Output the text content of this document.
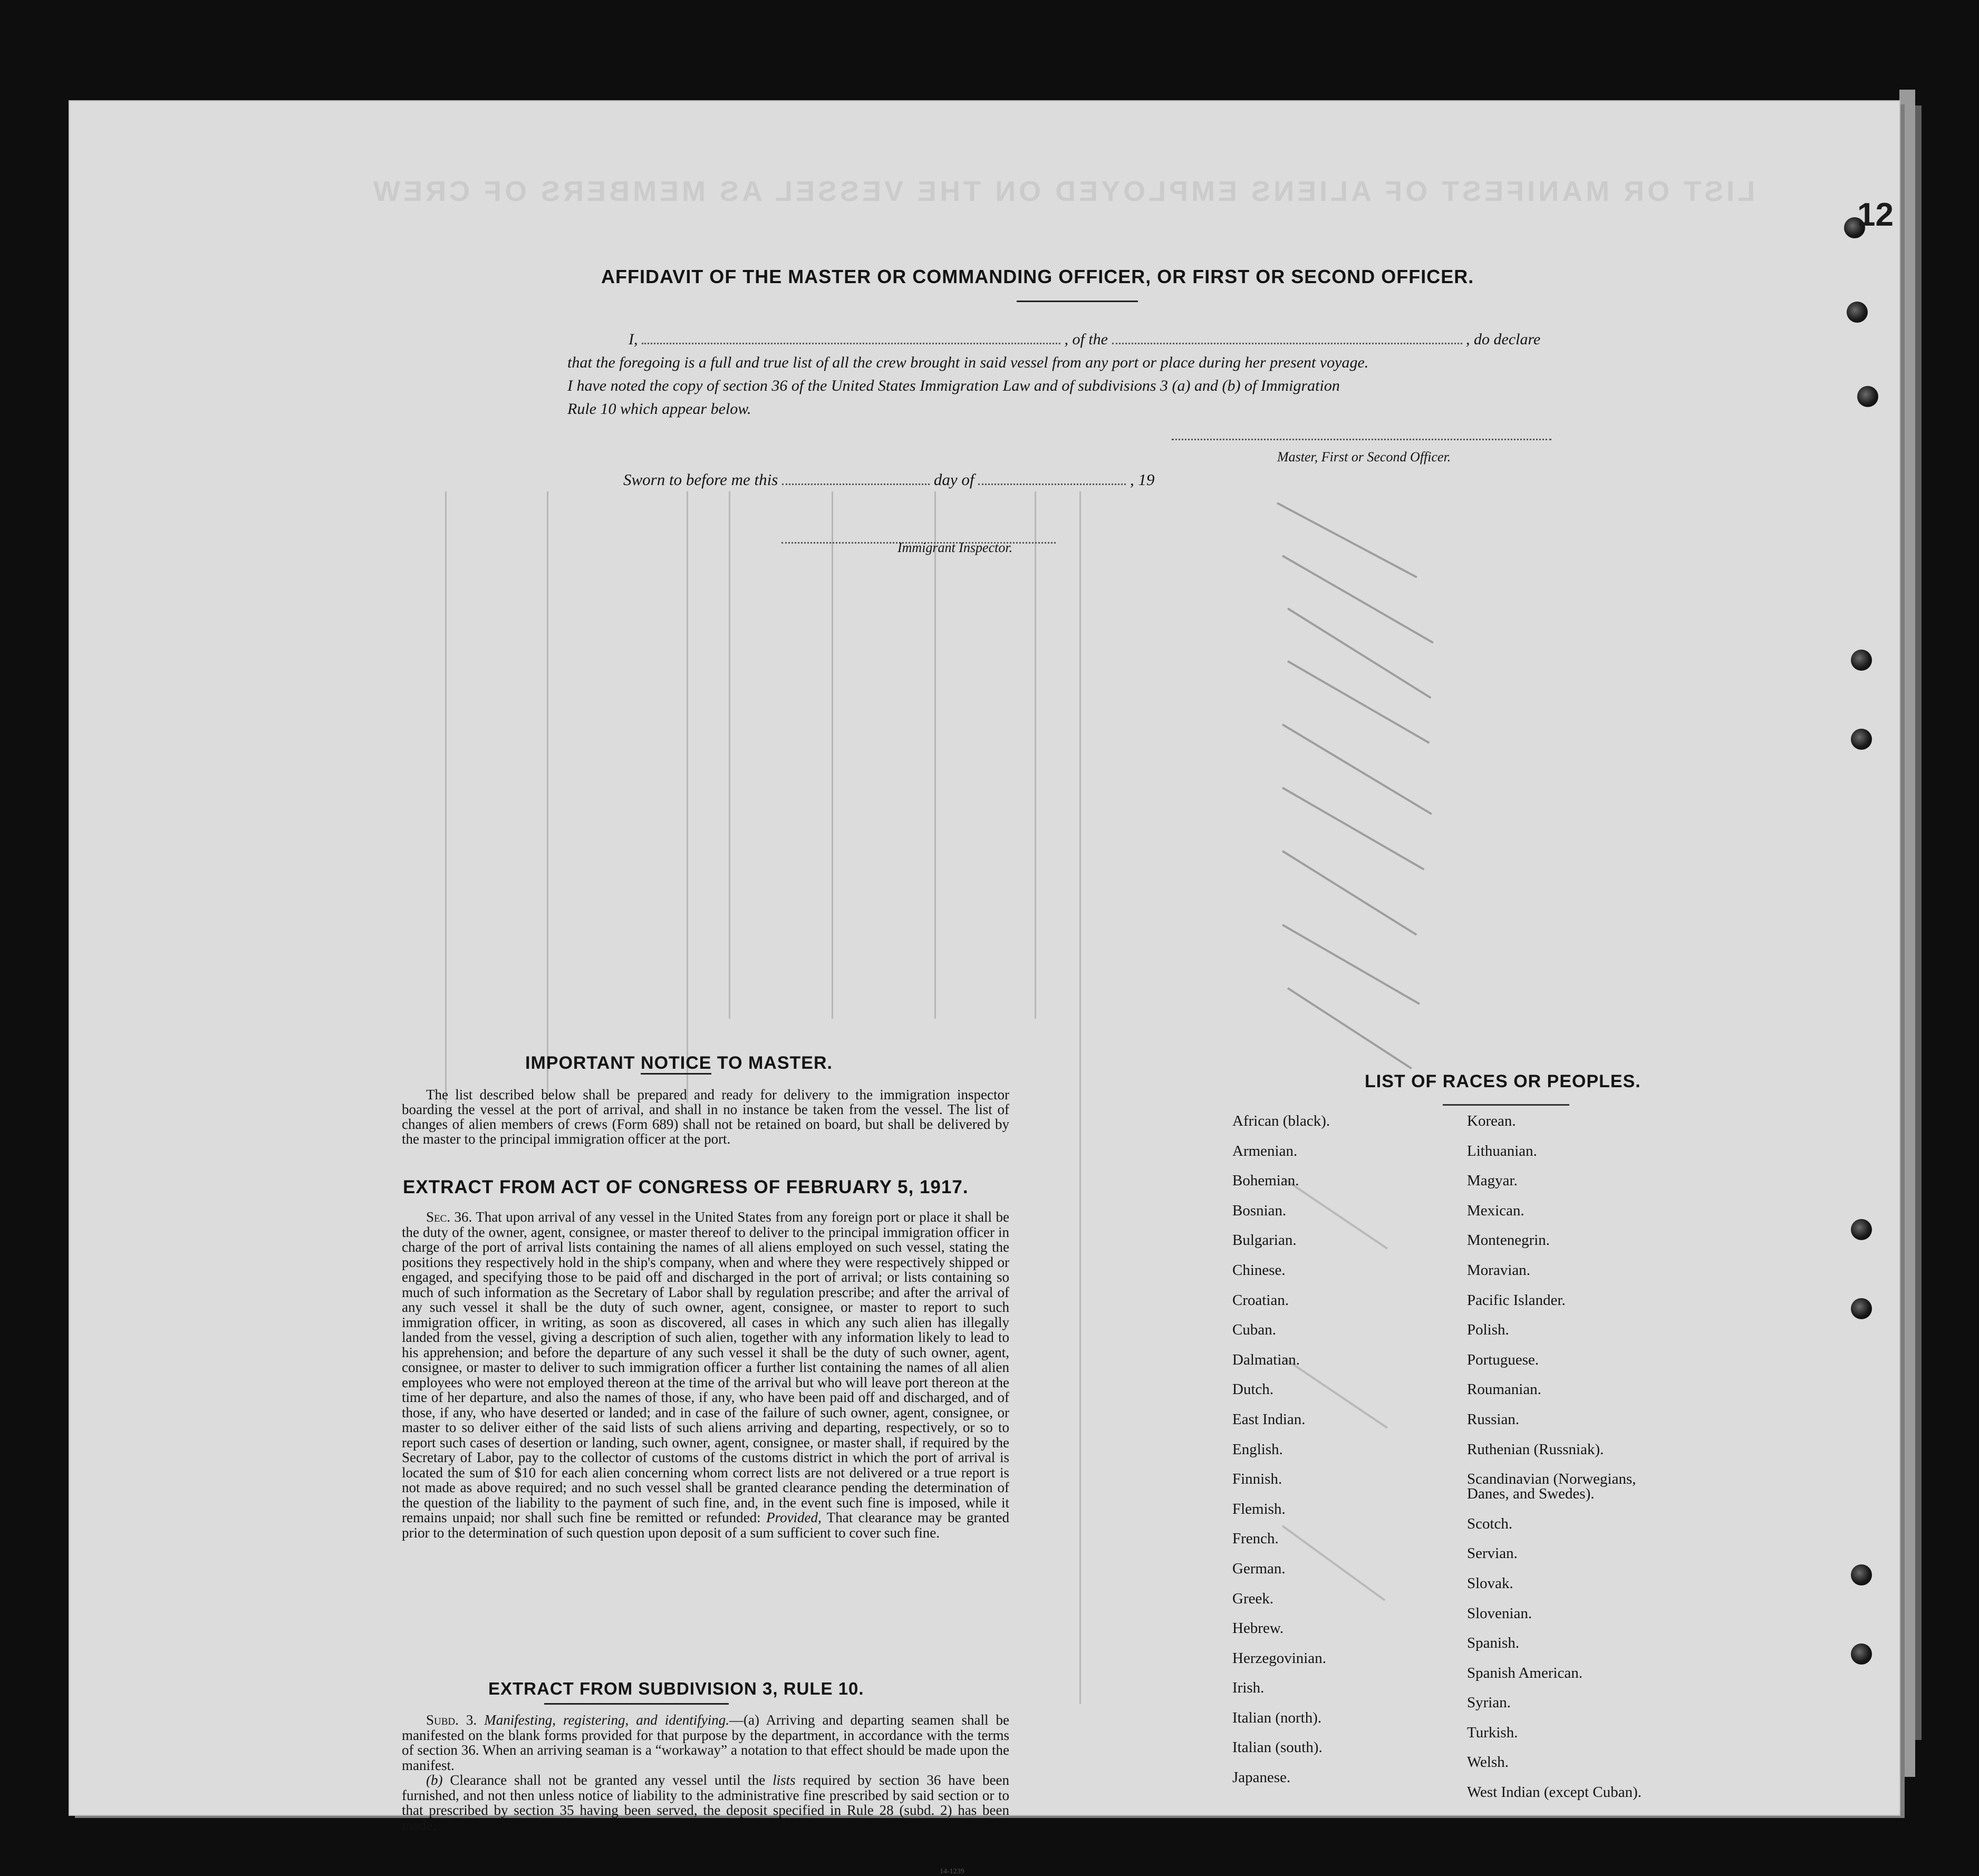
LIST OR MANIFEST OF ALIENS EMPLOYED ON THE VESSEL AS MEMBERS OF CREW
12
AFFIDAVIT OF THE MASTER OR COMMANDING OFFICER, OR FIRST OR SECOND OFFICER.
I,	, of the	, do declare
that the foregoing is a full and true list of all the crew brought in said vessel from any port or place during her present voyage.
I have noted the copy of section 36 of the United States Immigration Law and of subdivisions 3 (a) and (b) of Immigration
Rule 10 which appear below.
Master, First or Second Officer.
Sworn to before me this	day of	, 19
Immigrant Inspector.
IMPORTANT NOTICE TO MASTER.

The list described below shall be prepared and ready for delivery to the immigration inspector boarding the vessel at the port of arrival, and shall in no instance be taken from the vessel. The list of changes of alien members of crews (Form 689) shall not be retained on board, but shall be delivered by the master to the principal immigration officer at the port.

EXTRACT FROM ACT OF CONGRESS OF FEBRUARY 5, 1917.

Sec. 36. That upon arrival of any vessel in the United States from any foreign port or place it shall be the duty of the owner, agent, consignee, or master thereof to deliver to the principal immigration officer in charge of the port of arrival lists containing the names of all aliens employed on such vessel, stating the positions they respectively hold in the ship's company, when and where they were respectively shipped or engaged, and specifying those to be paid off and discharged in the port of arrival; or lists containing so much of such information as the Secretary of Labor shall by regulation prescribe; and after the arrival of any such vessel it shall be the duty of such owner, agent, consignee, or master to report to such immigration officer, in writing, as soon as discovered, all cases in which any such alien has illegally landed from the vessel, giving a description of such alien, together with any information likely to lead to his apprehension; and before the departure of any such vessel it shall be the duty of such owner, agent, consignee, or master to deliver to such immigration officer a further list containing the names of all alien employees who were not employed thereon at the time of the arrival but who will leave port thereon at the time of her departure, and also the names of those, if any, who have been paid off and discharged, and of those, if any, who have deserted or landed; and in case of the failure of such owner, agent, consignee, or master to so deliver either of the said lists of such aliens arriving and departing, respectively, or so to report such cases of desertion or landing, such owner, agent, consignee, or master shall, if required by the Secretary of Labor, pay to the collector of customs of the customs district in which the port of arrival is located the sum of $10 for each alien concerning whom correct lists are not delivered or a true report is not made as above required; and no such vessel shall be granted clearance pending the determination of the question of the liability to the payment of such fine, and, in the event such fine is imposed, while it remains unpaid; nor shall such fine be remitted or refunded: Provided, That clearance may be granted prior to the determination of such question upon deposit of a sum sufficient to cover such fine.

EXTRACT FROM SUBDIVISION 3, RULE 10.

Subd. 3. Manifesting, registering, and identifying.—(a) Arriving and departing seamen shall be manifested on the blank forms provided for that purpose by the department, in accordance with the terms of section 36. When an arriving seaman is a “workaway” a notation to that effect should be made upon the manifest.

(b) Clearance shall not be granted any vessel until the lists required by section 36 have been furnished, and not then unless notice of liability to the administrative fine prescribed by said section or to that prescribed by section 35 having been served, the deposit specified in Rule 28 (subd. 2) has been made.

14-1239
LIST OF RACES OR PEOPLES.
African (black).
Armenian.
Bohemian.
Bosnian.
Bulgarian.
Chinese.
Croatian.
Cuban.
Dalmatian.
Dutch.
East Indian.
English.
Finnish.
Flemish.
French.
German.
Greek.
Hebrew.
Herzegovinian.
Irish.
Italian (north).
Italian (south).
Japanese.
Korean.
Lithuanian.
Magyar.
Mexican.
Montenegrin.
Moravian.
Pacific Islander.
Polish.
Portuguese.
Roumanian.
Russian.
Ruthenian (Russniak).
Scandinavian (Norwegians,
Danes, and Swedes).
Scotch.
Servian.
Slovak.
Slovenian.
Spanish.
Spanish American.
Syrian.
Turkish.
Welsh.
West Indian (except Cuban).
